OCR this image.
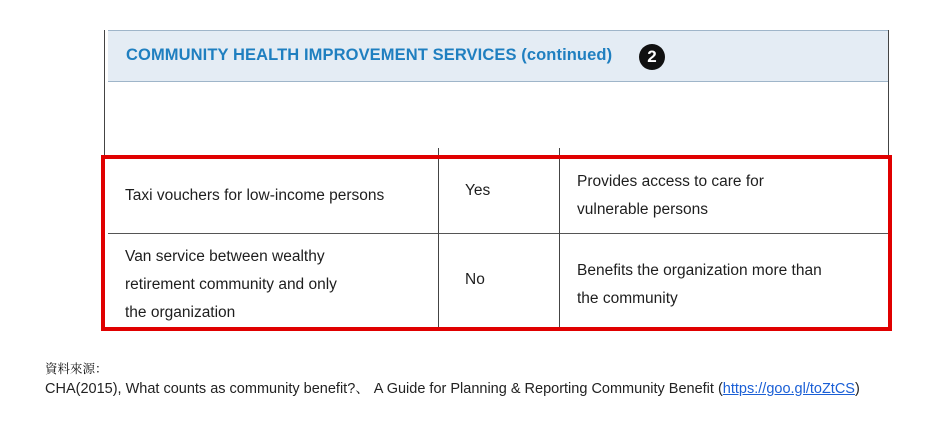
COMMUNITY HEALTH IMPROVEMENT SERVICES (continued)	2
Taxi vouchers for low-income persons	Yes
Provides access to care for
vulnerable persons
Van service between wealthy
retirement community and only
the organization
No
Benefits the organization more than
the community
資料來源：
CHA(2015), What counts as community benefit?、 A Guide for Planning & Reporting Community Benefit (https://goo.gl/toZtCS)
